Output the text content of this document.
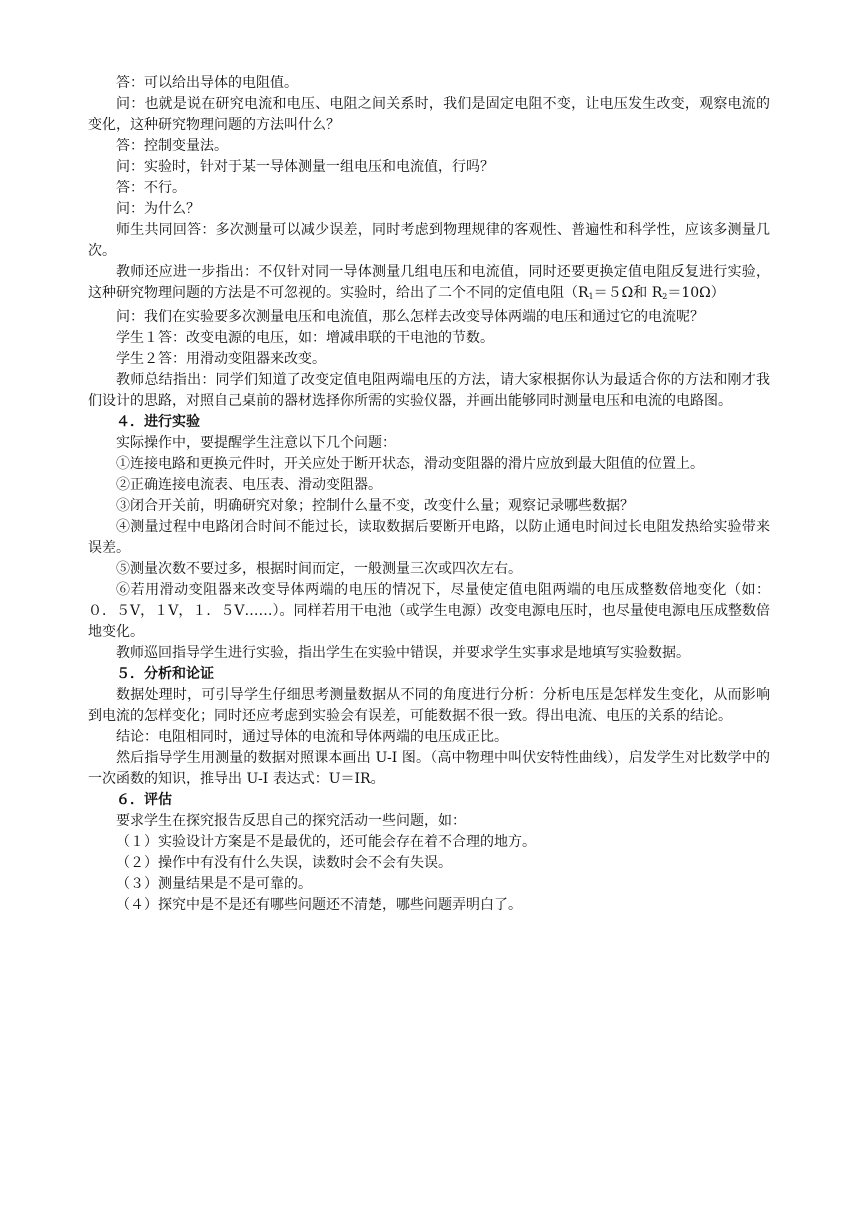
答：可以给出导体的电阻值。

问：也就是说在研究电流和电压、电阻之间关系时，我们是固定电阻不变，让电压发生改变，观察电流的变化，这种研究物理问题的方法叫什么？

答：控制变量法。

问：实验时，针对于某一导体测量一组电压和电流值，行吗？

答：不行。

问：为什么？

师生共同回答：多次测量可以减少误差，同时考虑到物理规律的客观性、普遍性和科学性，应该多测量几次。

教师还应进一步指出：不仅针对同一导体测量几组电压和电流值，同时还要更换定值电阻反复进行实验，这种研究物理问题的方法是不可忽视的。实验时，给出了二个不同的定值电阻（$R_1=5\Omega$和 $R_2=10\Omega$）

问：我们在实验要多次测量电压和电流值，那么怎样去改变导体两端的电压和通过它的电流呢？

学生１答：改变电源的电压，如：增减串联的干电池的节数。

学生２答：用滑动变阻器来改变。

教师总结指出：同学们知道了改变定值电阻两端电压的方法，请大家根据你认为最适合你的方法和刚才我们设计的思路，对照自己桌前的器材选择你所需的实验仪器，并画出能够同时测量电压和电流的电路图。

４．进行实验

实际操作中，要提醒学生注意以下几个问题：

①连接电路和更换元件时，开关应处于断开状态，滑动变阻器的滑片应放到最大阻值的位置上。

②正确连接电流表、电压表、滑动变阻器。

③闭合开关前，明确研究对象；控制什么量不变，改变什么量；观察记录哪些数据？

④测量过程中电路闭合时间不能过长，读取数据后要断开电路，以防止通电时间过长电阻发热给实验带来误差。

⑤测量次数不要过多，根据时间而定，一般测量三次或四次左右。

⑥若用滑动变阻器来改变导体两端的电压的情况下，尽量使定值电阻两端的电压成整数倍地变化（如：０．５V，１V，１．５V……）。同样若用干电池（或学生电源）改变电源电压时，也尽量使电源电压成整数倍地变化。

教师巡回指导学生进行实验，指出学生在实验中错误，并要求学生实事求是地填写实验数据。

５．分析和论证

数据处理时，可引导学生仔细思考测量数据从不同的角度进行分析：分析电压是怎样发生变化，从而影响到电流的怎样变化；同时还应考虑到实验会有误差，可能数据不很一致。得出电流、电压的关系的结论。

结论：电阻相同时，通过导体的电流和导体两端的电压成正比。

然后指导学生用测量的数据对照课本画出 U-I 图。（高中物理中叫伏安特性曲线），启发学生对比数学中的一次函数的知识，推导出 U-I 表达式：U＝IR。

６．评估

要求学生在探究报告反思自己的探究活动一些问题，如：

（１）实验设计方案是不是最优的，还可能会存在着不合理的地方。

（２）操作中有没有什么失误，读数时会不会有失误。

（３）测量结果是不是可靠的。

（４）探究中是不是还有哪些问题还不清楚，哪些问题弄明白了。
